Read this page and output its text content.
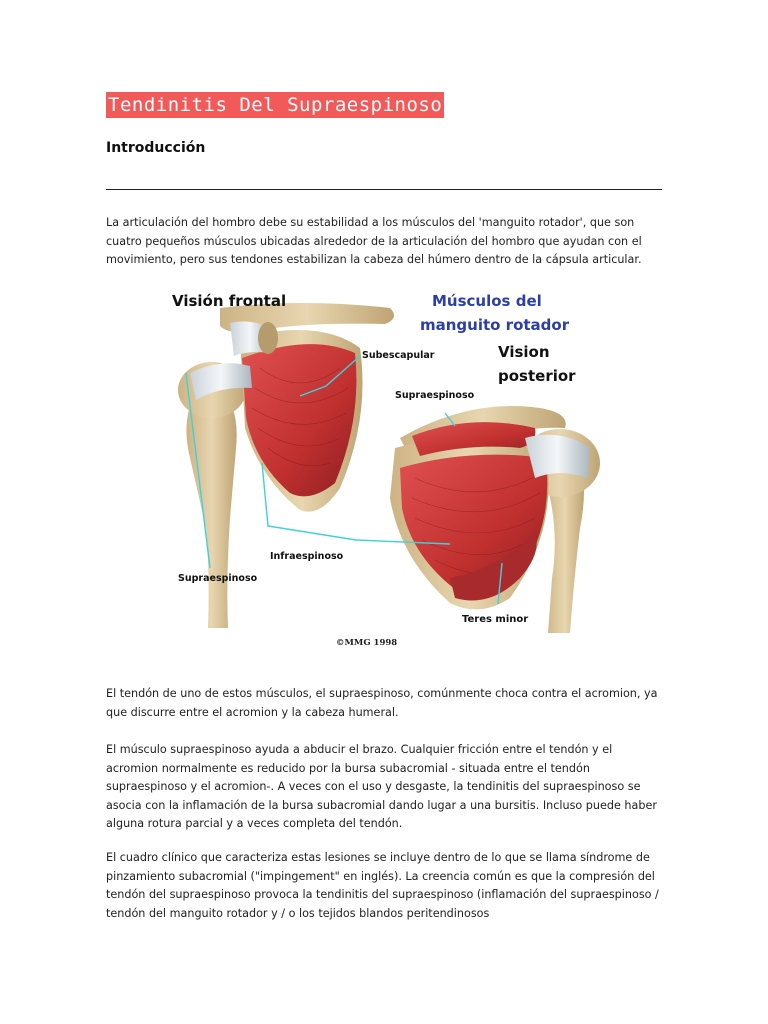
Tendinitis Del Supraespinoso
Introducción

La articulación del hombro debe su estabilidad a los músculos del 'manguito rotador', que son cuatro pequeños músculos ubicadas alrededor de la articulación del hombro que ayudan con el movimiento, pero sus tendones estabilizan la cabeza del húmero dentro de la cápsula articular.

Visión frontal	Músculos del
manguito rotador
Vision
posterior
Subescapular
Supraespinoso
Infraespinoso
Supraespinoso
Teres minor
©MMG 1998

El tendón de uno de estos músculos, el supraespinoso, comúnmente choca contra el acromion, ya que discurre entre el acromion y la cabeza humeral.

El músculo supraespinoso ayuda a abducir el brazo. Cualquier fricción entre el tendón y el acromion normalmente es reducido por la bursa subacromial - situada entre el tendón supraespinoso y el acromion-. A veces con el uso y desgaste, la tendinitis del supraespinoso se asocia con la inflamación de la bursa subacromial dando lugar a una bursitis. Incluso puede haber alguna rotura parcial y a veces completa del tendón.

El cuadro clínico que caracteriza estas lesiones se incluye dentro de lo que se llama síndrome de pinzamiento subacromial ("impingement" en inglés). La creencia común es que la compresión del tendón del supraespinoso provoca la tendinitis del supraespinoso (inflamación del supraespinoso / tendón del manguito rotador y / o los tejidos blandos peritendinosos
